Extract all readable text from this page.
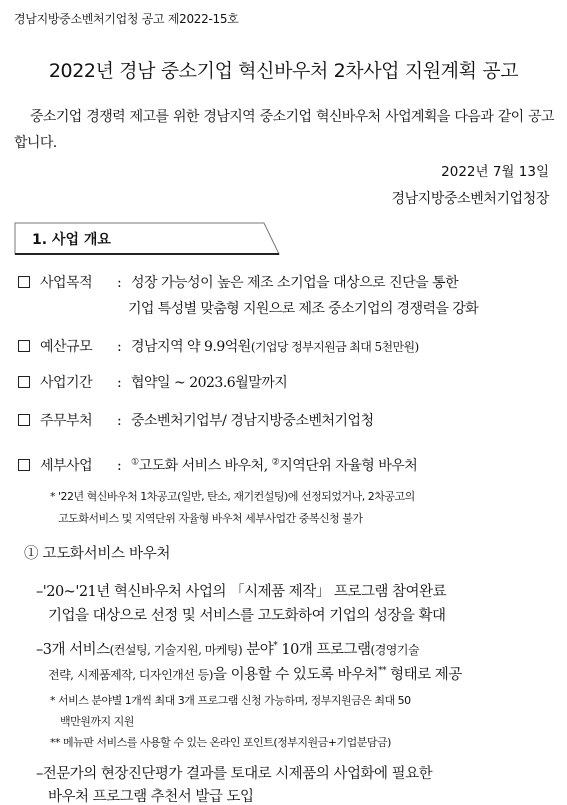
경남지방중소벤처기업청 공고 제2022-15호
2022년 경남 중소기업 혁신바우처 2차사업 지원계획 공고
중소기업 경쟁력 제고를 위한 경남지역 중소기업 혁신바우처 사업계획을 다음과 같이 공고합니다.
2022년 7월 13일
경남지방중소벤처기업청장
1. 사업 개요
사업목적 : 성장 가능성이 높은 제조 소기업을 대상으로 진단을 통한
기업 특성별 맞춤형 지원으로 제조 중소기업의 경쟁력을 강화
예산규모 : 경남지역 약 9.9억원(기업당 정부지원금 최대 5천만원)
사업기간 : 협약일 ~ 2023.6월말까지
주무부처 : 중소벤처기업부/ 경남지방중소벤처기업청
세부사업 : ①고도화 서비스 바우처, ②지역단위 자율형 바우처
* '22년 혁신바우처 1차공고(일반, 탄소, 재기컨설팅)에 선정되었거나, 2차공고의
고도화서비스 및 지역단위 자율형 바우처 세부사업간 중복신청 불가
① 고도화서비스 바우처
–'20~'21년 혁신바우처 사업의 「시제품 제작」 프로그램 참여완료
기업을 대상으로 선정 및 서비스를 고도화하여 기업의 성장을 확대
–3개 서비스(컨설팅, 기술지원, 마케팅) 분야* 10개 프로그램(경영기술
전략, 시제품제작, 디자인개선 등)을 이용할 수 있도록 바우처** 형태로 제공
* 서비스 분야별 1개씩 최대 3개 프로그램 신청 가능하며, 정부지원금은 최대 50
백만원까지 지원
** 메뉴판 서비스를 사용할 수 있는 온라인 포인트(정부지원금+기업분담금)
–전문가의 현장진단평가 결과를 토대로 시제품의 사업화에 필요한
바우처 프로그램 추천서 발급 도입
